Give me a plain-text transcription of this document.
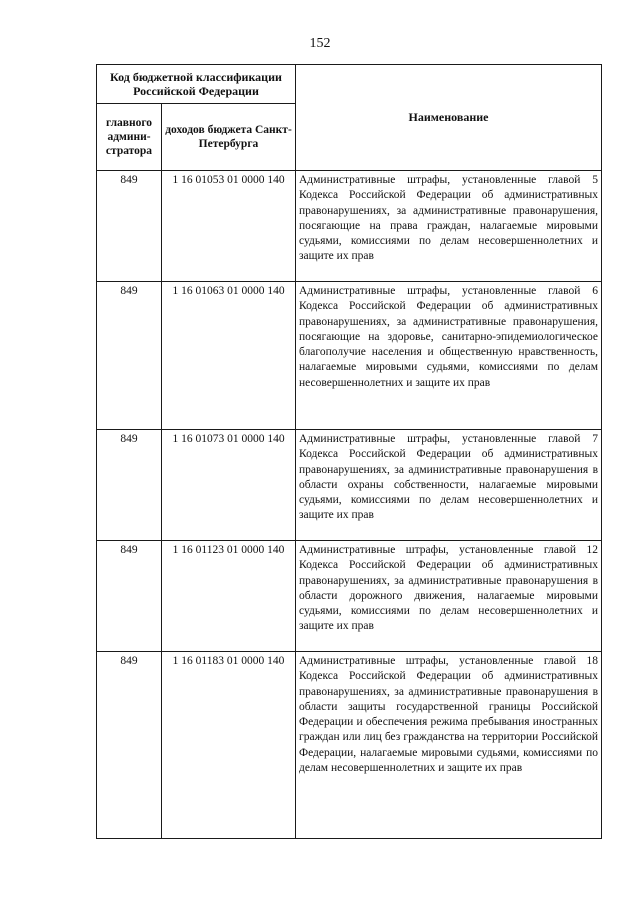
152
Код бюджетной классификации Российской Федерации		Наименование
главного админи-стратора	доходов бюджета Санкт-Петербурга	
849	1 16 01053 01 0000 140	Административные штрафы, установленные главой 5 Кодекса Российской Федерации об административных правонарушениях, за административные правонарушения, посягающие на права граждан, налагаемые мировыми судьями, комиссиями по делам несовершеннолетних и защите их прав

849	1 16 01063 01 0000 140	Административные штрафы, установленные главой 6 Кодекса Российской Федерации об административных правонарушениях, за административные правонарушения, посягающие на здоровье, санитарно-эпидемиологическое благополучие населения и общественную нравственность, налагаемые мировыми судьями, комиссиями по делам несовершеннолетних и защите их прав

849	1 16 01073 01 0000 140	Административные штрафы, установленные главой 7 Кодекса Российской Федерации об административных правонарушениях, за административные правонарушения в области охраны собственности, налагаемые мировыми судьями, комиссиями по делам несовершеннолетних и защите их прав

849	1 16 01123 01 0000 140	Административные штрафы, установленные главой 12 Кодекса Российской Федерации об административных правонарушениях, за административные правонарушения в области дорожного движения, налагаемые мировыми судьями, комиссиями по делам несовершеннолетних и защите их прав

849	1 16 01183 01 0000 140	Административные штрафы, установленные главой 18 Кодекса Российской Федерации об административных правонарушениях, за административные правонарушения в области защиты государственной границы Российской Федерации и обеспечения режима пребывания иностранных граждан или лиц без гражданства на территории Российской Федерации, налагаемые мировыми судьями, комиссиями по делам несовершеннолетних и защите их прав
